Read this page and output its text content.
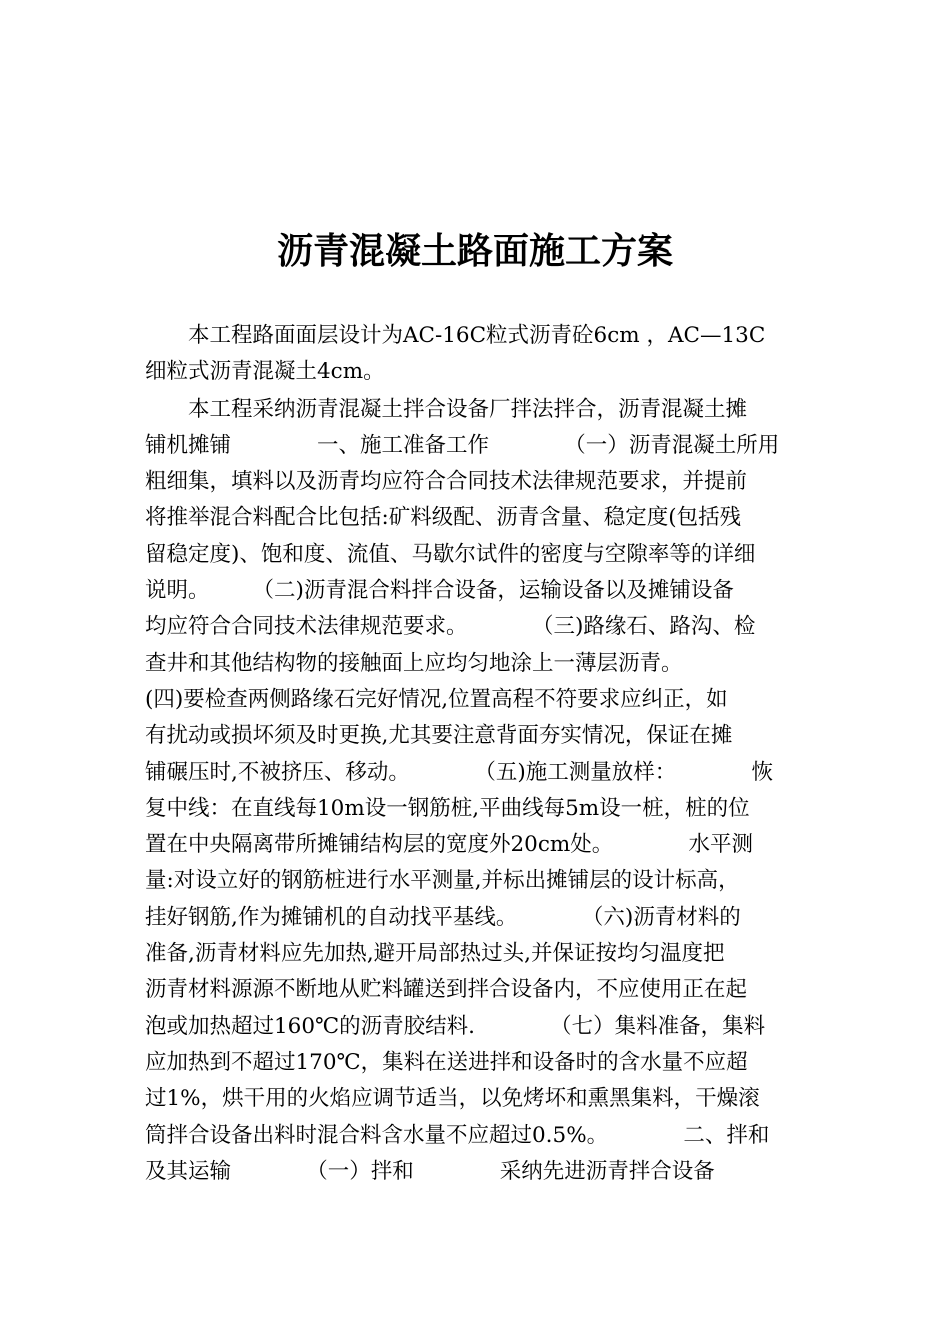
沥青混凝土路面施工方案
　　本工程路面面层设计为AC-16C粒式沥青砼6cm ，AC—13C
细粒式沥青混凝土4cm。
　　本工程采纳沥青混凝土拌合设备厂拌法拌合，沥青混凝土摊
铺机摊铺　　　　一、施工准备工作　　　　（一）沥青混凝土所用
粗细集，填料以及沥青均应符合合同技术法律规范要求，并提前
将推举混合料配合比包括:矿料级配、沥青含量、稳定度(包括残
留稳定度)、饱和度、流值、马歇尔试件的密度与空隙率等的详细
说明。　　　（二)沥青混合料拌合设备，运输设备以及摊铺设备
均应符合合同技术法律规范要求。　　　　（三)路缘石、路沟、检
查井和其他结构物的接触面上应均匀地涂上一薄层沥青。
(四)要检查两侧路缘石完好情况,位置高程不符要求应纠正，如
有扰动或损坏须及时更换,尤其要注意背面夯实情况，保证在摊
铺碾压时,不被挤压、移动。　　　　（五)施工测量放样：　　　　恢
复中线：在直线每10m设一钢筋桩,平曲线每5m设一桩，桩的位
置在中央隔离带所摊铺结构层的宽度外20cm处。　　　　水平测
量:对设立好的钢筋桩进行水平测量,并标出摊铺层的设计标高，
挂好钢筋,作为摊铺机的自动找平基线。　　　　（六)沥青材料的
准备,沥青材料应先加热,避开局部热过头,并保证按均匀温度把
沥青材料源源不断地从贮料罐送到拌合设备内，不应使用正在起
泡或加热超过160℃的沥青胶结料.　　　　（七）集料准备，集料
应加热到不超过170℃，集料在送进拌和设备时的含水量不应超
过1%，烘干用的火焰应调节适当，以免烤坏和熏黑集料，干燥滚
筒拌合设备出料时混合料含水量不应超过0.5%。　　　　二、拌和
及其运输　　　　（一）拌和　　　　采纳先进沥青拌合设备
